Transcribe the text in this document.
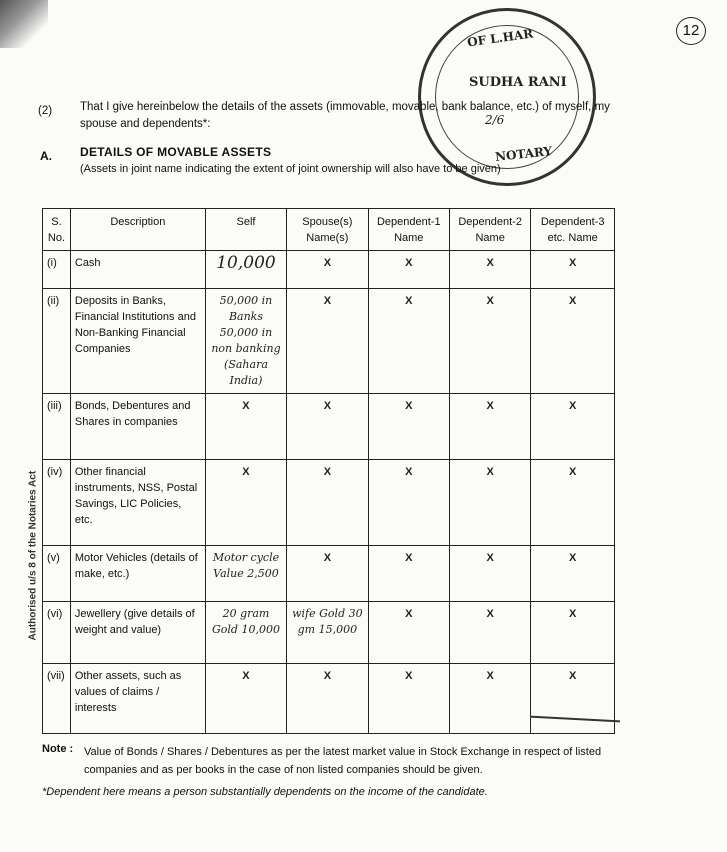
12
OF L.HAR
SUDHA RANI
2/6
NOTARY
(2) That I give hereinbelow the details of the assets (immovable, movable, bank balance, etc.) of myself, my spouse and dependents*:
A. DETAILS OF MOVABLE ASSETS
(Assets in joint name indicating the extent of joint ownership will also have to be given)
Authorised u/s 8 of the Notaries Act
S. No.	Description	Self	Spouse(s) Name(s)	Dependent-1 Name	Dependent-2 Name	Dependent-3 etc. Name
(i)	Cash	10,000	X	X	X	X
(ii)	Deposits in Banks, Financial Institutions and Non-Banking Financial Companies	50,000 in Banks 50,000 in non banking (Sahara India)	X	X	X	X
(iii)	Bonds, Debentures and Shares in companies	X	X	X	X	X
(iv)	Other financial instruments, NSS, Postal Savings, LIC Policies, etc.	X	X	X	X	X
(v)	Motor Vehicles (details of make, etc.)	Motor cycle Value 2,500	X	X	X	X
(vi)	Jewellery (give details of weight and value)	20 gram Gold 10,000	wife Gold 30 gm 15,000	X	X	X
(vii)	Other assets, such as values of claims / interests	X	X	X	X	X
Note : Value of Bonds / Shares / Debentures as per the latest market value in Stock Exchange in respect of listed companies and as per books in the case of non listed companies should be given.
*Dependent here means a person substantially dependents on the income of the candidate.
